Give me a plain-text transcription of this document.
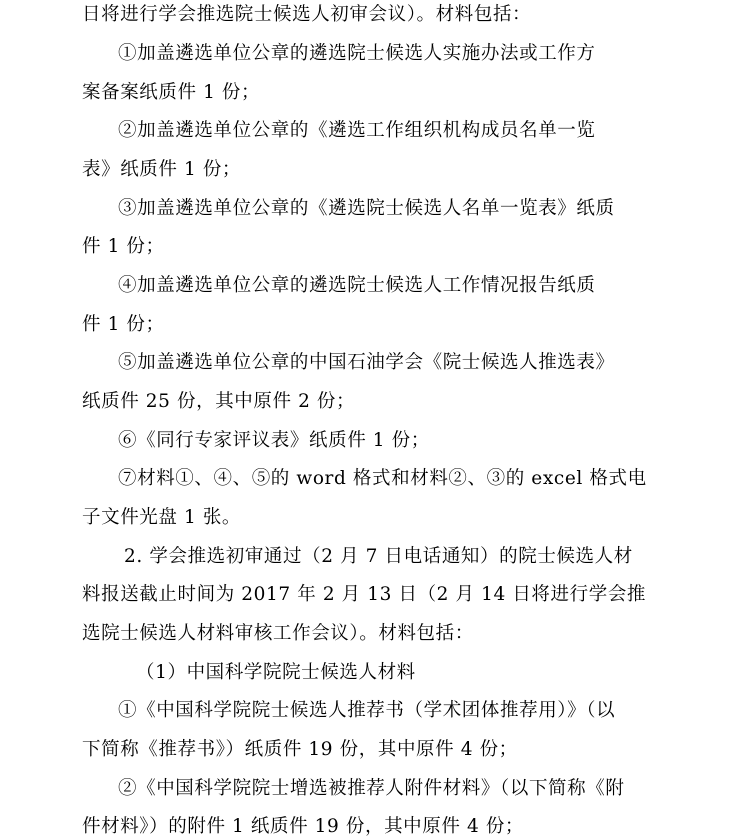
日将进行学会推选院士候选人初审会议）。材料包括：
①加盖遴选单位公章的遴选院士候选人实施办法或工作方
案备案纸质件 1 份；
②加盖遴选单位公章的《遴选工作组织机构成员名单一览
表》纸质件 1 份；
③加盖遴选单位公章的《遴选院士候选人名单一览表》纸质
件 1 份；
④加盖遴选单位公章的遴选院士候选人工作情况报告纸质
件 1 份；
⑤加盖遴选单位公章的中国石油学会《院士候选人推选表》
纸质件 25 份，其中原件 2 份；
⑥《同行专家评议表》纸质件 1 份；
⑦材料①、④、⑤的 word 格式和材料②、③的 excel 格式电
子文件光盘 1 张。
2. 学会推选初审通过（2 月 7 日电话通知）的院士候选人材
料报送截止时间为 2017 年 2 月 13 日（2 月 14 日将进行学会推
选院士候选人材料审核工作会议）。材料包括：
（1）中国科学院院士候选人材料
①《中国科学院院士候选人推荐书（学术团体推荐用）》（以
下简称《推荐书》）纸质件 19 份，其中原件 4 份；
②《中国科学院院士增选被推荐人附件材料》（以下简称《附
件材料》）的附件 1 纸质件 19 份，其中原件 4 份；
